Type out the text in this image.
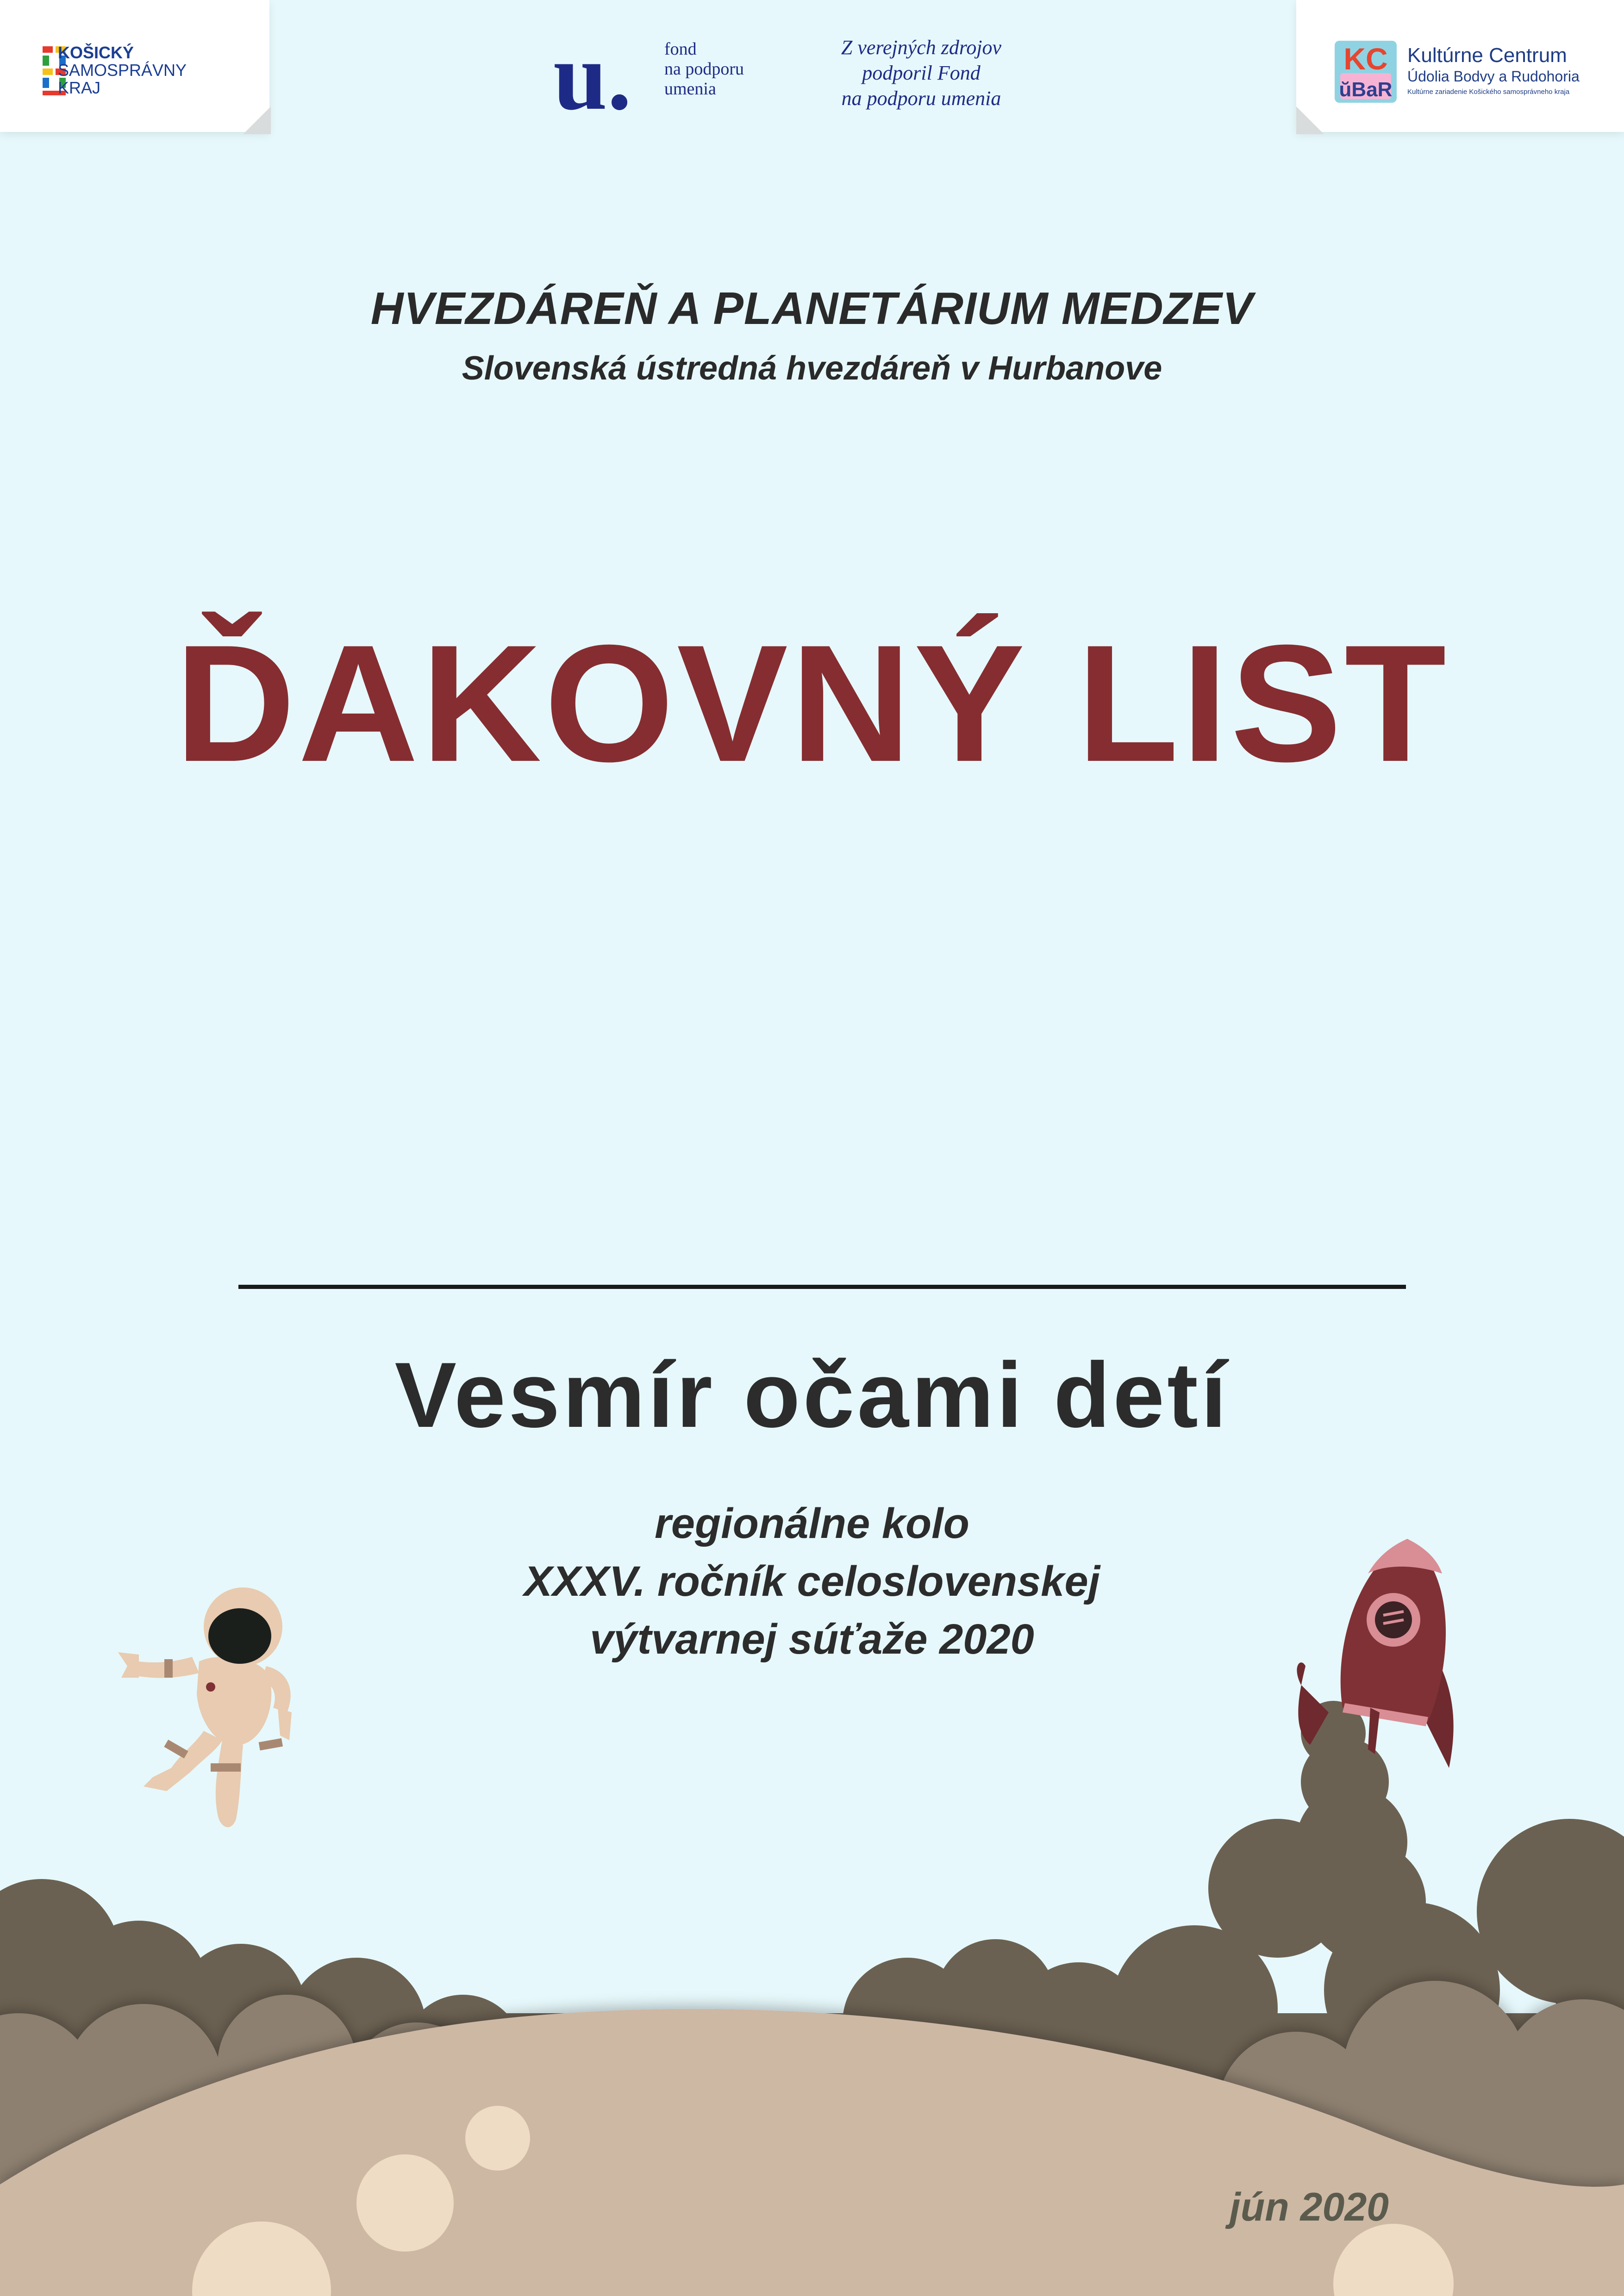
KOŠICKÝ
SAMOSPRÁVNY
KRAJ	u. fond
na podporu
umenia
Z verejných zdrojov
podporil Fond
na podporu umenia
KC
ŭBaR
Kultúrne Centrum
Údolia Bodvy a Rudohoria
Kultúrne zariadenie Košického samosprávneho kraja
HVEZDÁREŇ A PLANETÁRIUM MEDZEV
Slovenská ústredná hvezdáreň v Hurbanove
ĎAKOVNÝ LIST
Vesmír očami detí
regionálne kolo
XXXV. ročník celoslovenskej
výtvarnej súťaže 2020
jún 2020
